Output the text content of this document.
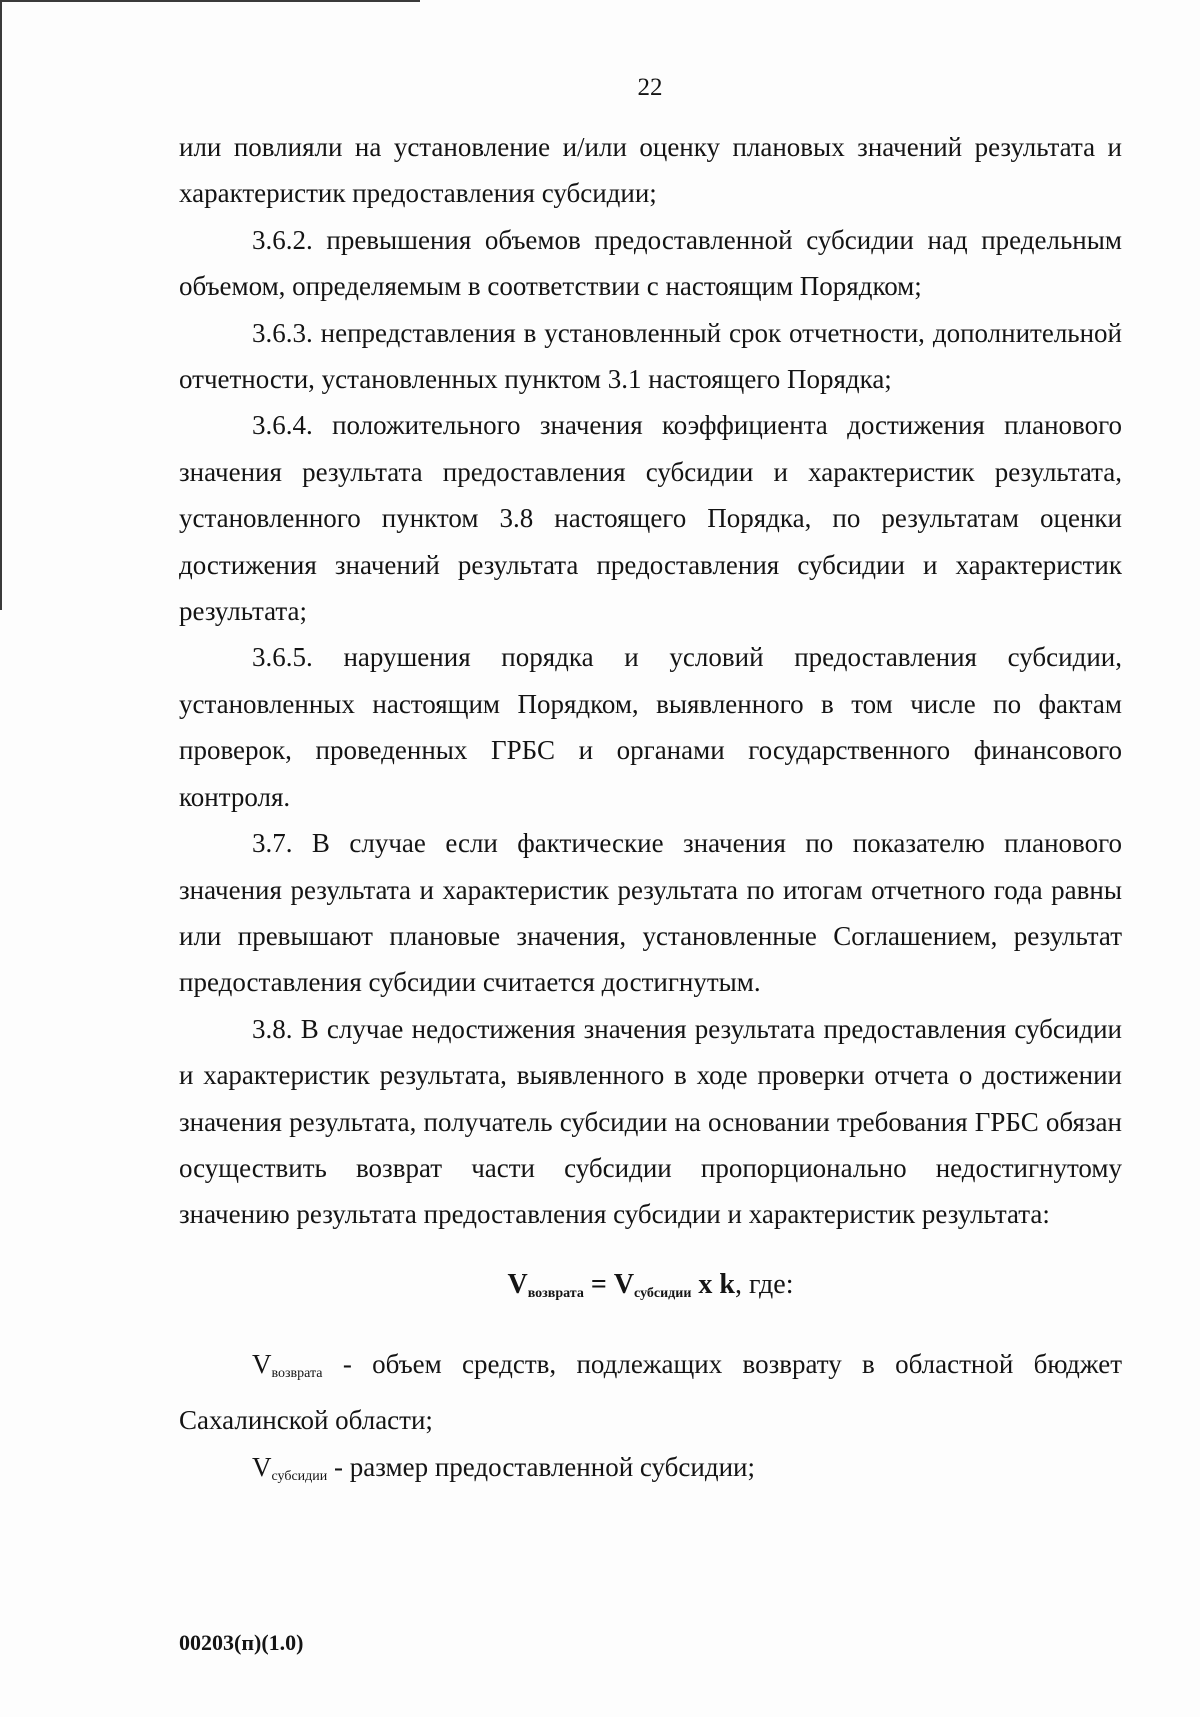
22

или повлияли на установление и/или оценку плановых значений результата и характеристик предоставления субсидии;

3.6.2. превышения объемов предоставленной субсидии над предельным объемом, определяемым в соответствии с настоящим Порядком;

3.6.3. непредставления в установленный срок отчетности, дополнительной отчетности, установленных пунктом 3.1 настоящего Порядка;

3.6.4. положительного значения коэффициента достижения планового значения результата предоставления субсидии и характеристик результата, установленного пунктом 3.8 настоящего Порядка, по результатам оценки достижения значений результата предоставления субсидии и характеристик результата;

3.6.5. нарушения порядка и условий предоставления субсидии, установленных настоящим Порядком, выявленного в том числе по фактам проверок, проведенных ГРБС и органами государственного финансового контроля.

3.7. В случае если фактические значения по показателю планового значения результата и характеристик результата по итогам отчетного года равны или превышают плановые значения, установленные Соглашением, результат предоставления субсидии считается достигнутым.

3.8. В случае недостижения значения результата предоставления субсидии и характеристик результата, выявленного в ходе проверки отчета о достижении значения результата, получатель субсидии на основании требования ГРБС обязан осуществить возврат части субсидии пропорционально недостигнутому значению результата предоставления субсидии и характеристик результата:

$V_{возврата} = V_{субсидии}$ x k, где:

$V_{возврата}$ - объем средств, подлежащих возврату в областной бюджет Сахалинской области;

$V_{субсидии}$ - размер предоставленной субсидии;

00203(п)(1.0)
